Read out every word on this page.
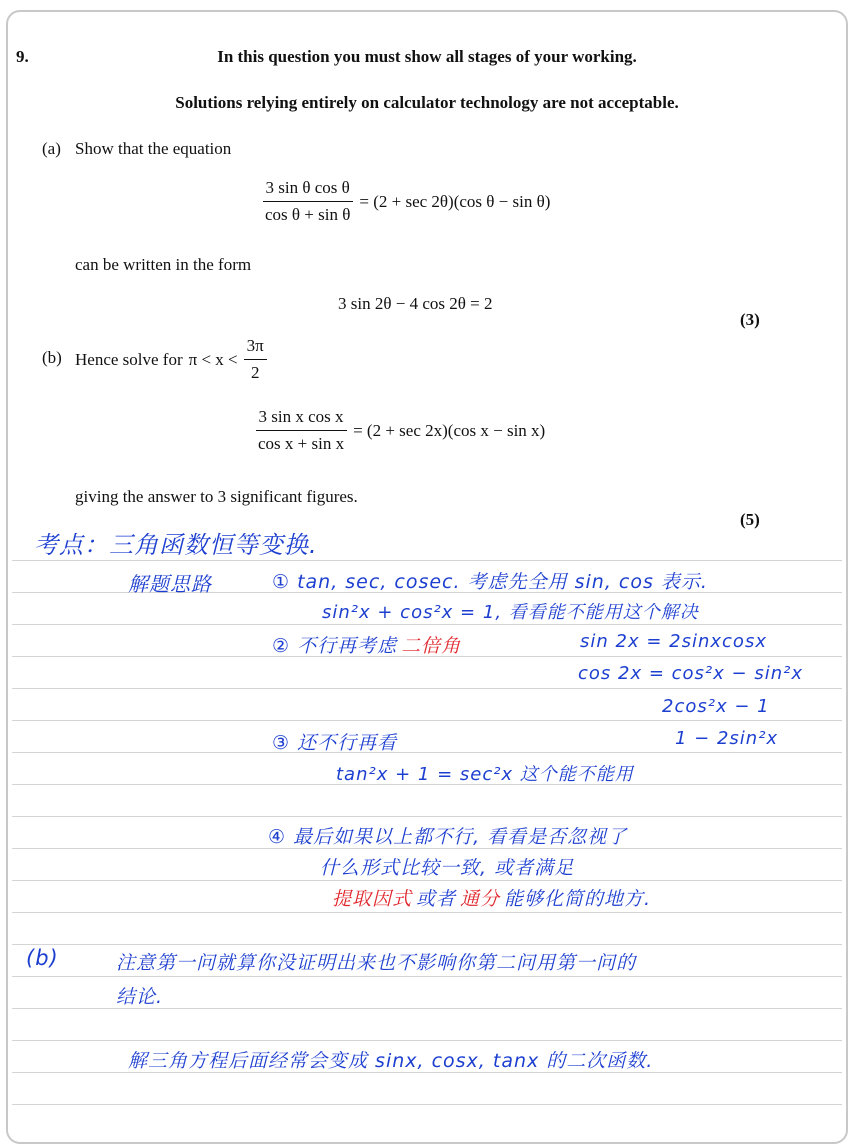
9.	In this question you must show all stages of your working.
Solutions relying entirely on calculator technology are not acceptable.
(a) Show that the equation
$\frac{\text{3 sin θ cos θ}}{\text{cos θ + sin θ}} = (2 + \sec 2\theta)(\cos$ θ − sin θ)
can be written in the form
3 sin 2θ − 4 cos 2θ = 2
(3)
(b) Hence solve for $\pi < x < \frac{3\pi}{2}$
$\frac{\text{3 sin x cos x}}{\text{cos x + sin x}} = (2 + \sec 2x)(\cos$ x − sin x)
giving the answer to 3 significant figures.
(5)
考点：三角函数恒等变换.
解题思路	① tan, sec, cosec. 考虑先全用 sin, cos 表示.
sin²x + cos²x = 1, 看看能不能用这个解决
② 不行再考虑 二倍角	sin 2x = 2sinxcosx
cos 2x = cos²x − sin²x
2cos²x − 1
③ 还不行再看	1 − 2sin²x
tan²x + 1 = sec²x 这个能不能用
④ 最后如果以上都不行, 看看是否忽视了
什么形式比较一致, 或者满足
提取因式 或者 通分 能够化简的地方.
(b)	注意第一问就算你没证明出来也不影响你第二问用第一问的
结论.
解三角方程后面经常会变成 sinx, cosx, tanx 的二次函数.
